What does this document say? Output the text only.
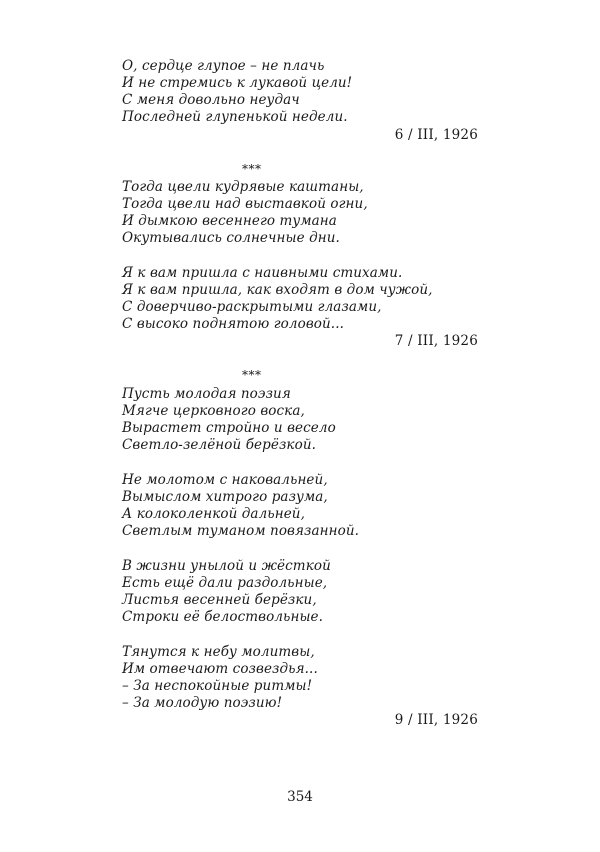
О, сердце глупое – не плачь
И не стремись к лукавой цели!
С меня довольно неудач
Последней глупенькой недели.
6 / III, 1926
***
Тогда цвели кудрявые каштаны,
Тогда цвели над выставкой огни,
И дымкою весеннего тумана
Окутывались солнечные дни.
Я к вам пришла с наивными стихами.
Я к вам пришла, как входят в дом чужой,
С доверчиво-раскрытыми глазами,
С высоко поднятою головой...
7 / III, 1926
***
Пусть молодая поэзия
Мягче церковного воска,
Вырастет стройно и весело
Светло-зелёной берёзкой.
Не молотом с наковальней,
Вымыслом хитрого разума,
А колоколенкой дальней,
Светлым туманом повязанной.
В жизни унылой и жёсткой
Есть ещё дали раздольные,
Листья весенней берёзки,
Строки её белоствольные.
Тянутся к небу молитвы,
Им отвечают созвездья...
– За неспокойные ритмы!
– За молодую поэзию!
9 / III, 1926
354
